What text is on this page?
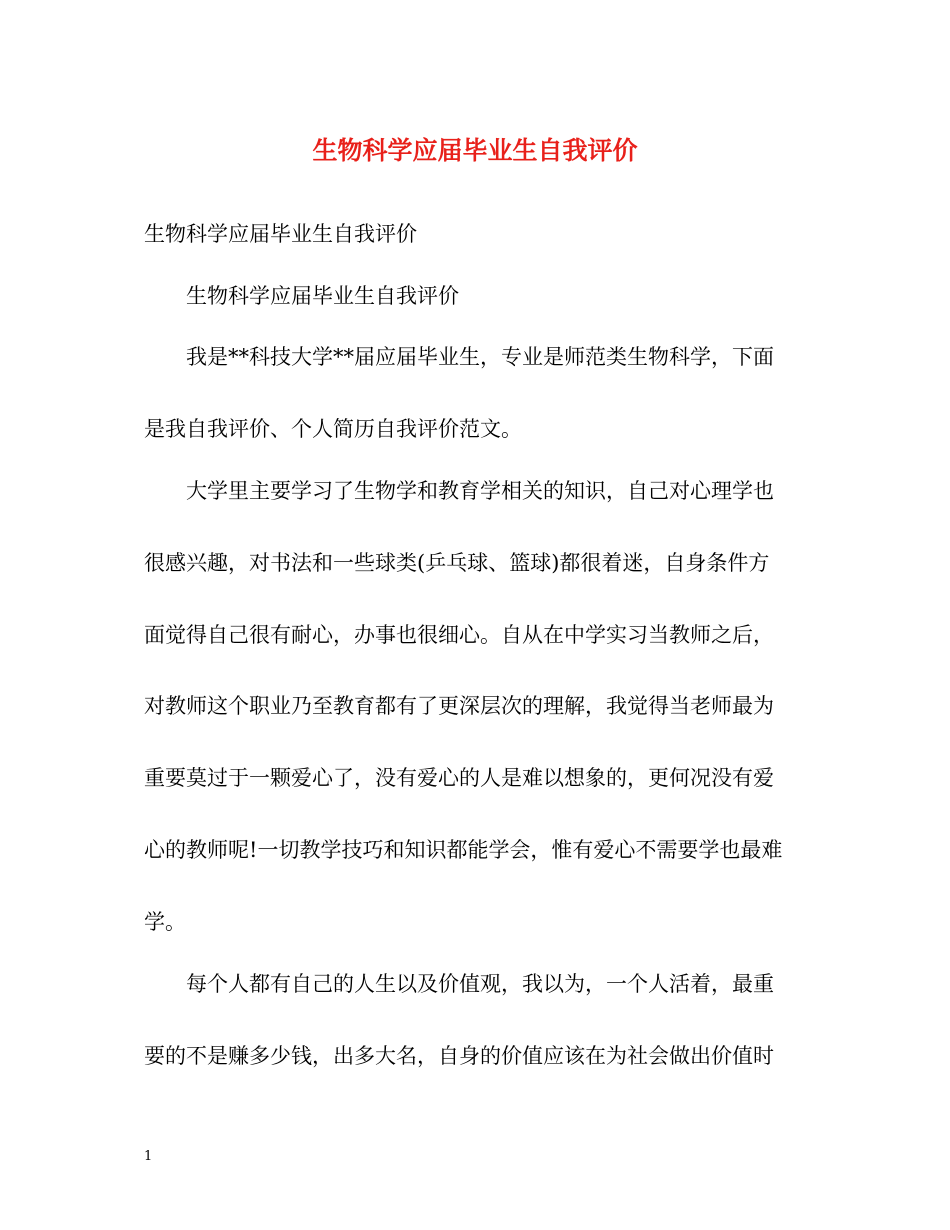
生物科学应届毕业生自我评价

生物科学应届毕业生自我评价

生物科学应届毕业生自我评价

我是**科技大学**届应届毕业生，专业是师范类生物科学，下面

是我自我评价、个人简历自我评价范文。

大学里主要学习了生物学和教育学相关的知识，自己对心理学也

很感兴趣，对书法和一些球类(乒乓球、篮球)都很着迷，自身条件方

面觉得自己很有耐心，办事也很细心。自从在中学实习当教师之后，

对教师这个职业乃至教育都有了更深层次的理解，我觉得当老师最为

重要莫过于一颗爱心了，没有爱心的人是难以想象的，更何况没有爱

心的教师呢!一切教学技巧和知识都能学会，惟有爱心不需要学也最难

学。

每个人都有自己的人生以及价值观，我以为，一个人活着，最重

要的不是赚多少钱，出多大名，自身的价值应该在为社会做出价值时

1
